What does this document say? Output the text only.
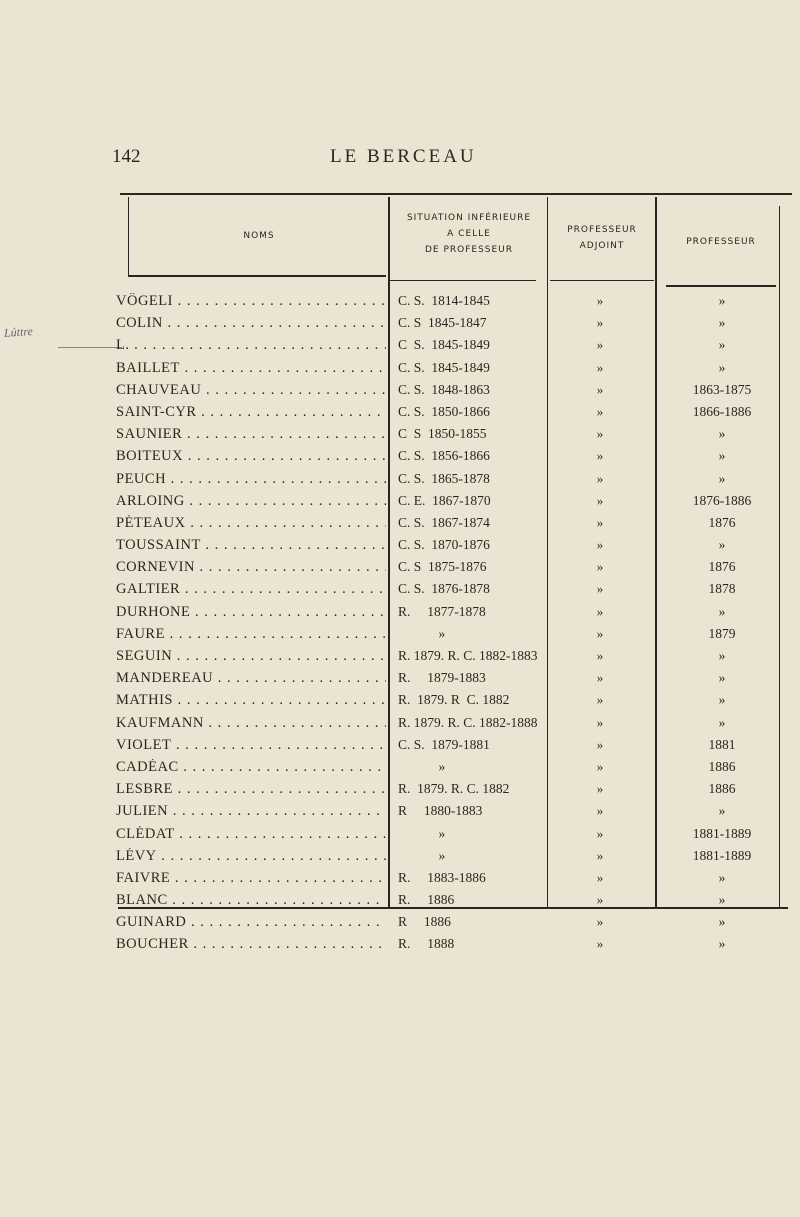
142	LE BERCEAU
Lúttre
NOMS
SITUATION INFÉRIEURE
A CELLE
DE PROFESSEUR
PROFESSEUR
ADJOINT	PROFESSEUR
VÔGELI . . .	C. S.  1814-1845	»	»
COLIN . . .	C. S  1845-1847	»	»
L. . . .	C  S.  1845-1849	»	»
BAILLET . . .	C. S.  1845-1849	»	»
CHAUVEAU . . .	C. S.  1848-1863	»	1863-1875
SAINT-CYR . . .	C. S.  1850-1866	»	1866-1886
SAUNIER . . .	C  S  1850-1855	»	»
BOITEUX . . .	C. S.  1856-1866	»	»
PEUCH . . .	C. S.  1865-1878	»	»
ARLOING . . .	C. E.  1867-1870	»	1876-1886
PÉTEAUX . . .	C. S.  1867-1874	»	1876
TOUSSAINT . . .	C. S.  1870-1876	»	»
CORNEVIN . . .	C. S  1875-1876	»	1876
GALTIER . . .	C. S.  1876-1878	»	1878
DURHONE . . .	R.     1877-1878	»	»
FAURE . . .	»	»	1879
SEGUIN . . .	R. 1879. R. C. 1882-1883	»	»
MANDEREAU . . .	R.     1879-1883	»	»
MATHIS . . .	R.  1879. R  C. 1882	»	»
KAUFMANN . . .	R. 1879. R. C. 1882-1888	»	»
VIOLET . . .	C. S.  1879-1881	»	1881
CADÉAC . . .	»	»	1886
LESBRE . . .	R.  1879. R. C. 1882	»	1886
JULIEN . . .	R     1880-1883	»	»
CLÉDAT . . .	»	»	1881-1889
LÉVY . . .	»	»	1881-1889
FAIVRE . . .	R.     1883-1886	»	»
BLANC . . .	R.     1886	»	»
GUINARD . . .	R     1886	»	»
BOUCHER . . .	R.     1888	»	»
